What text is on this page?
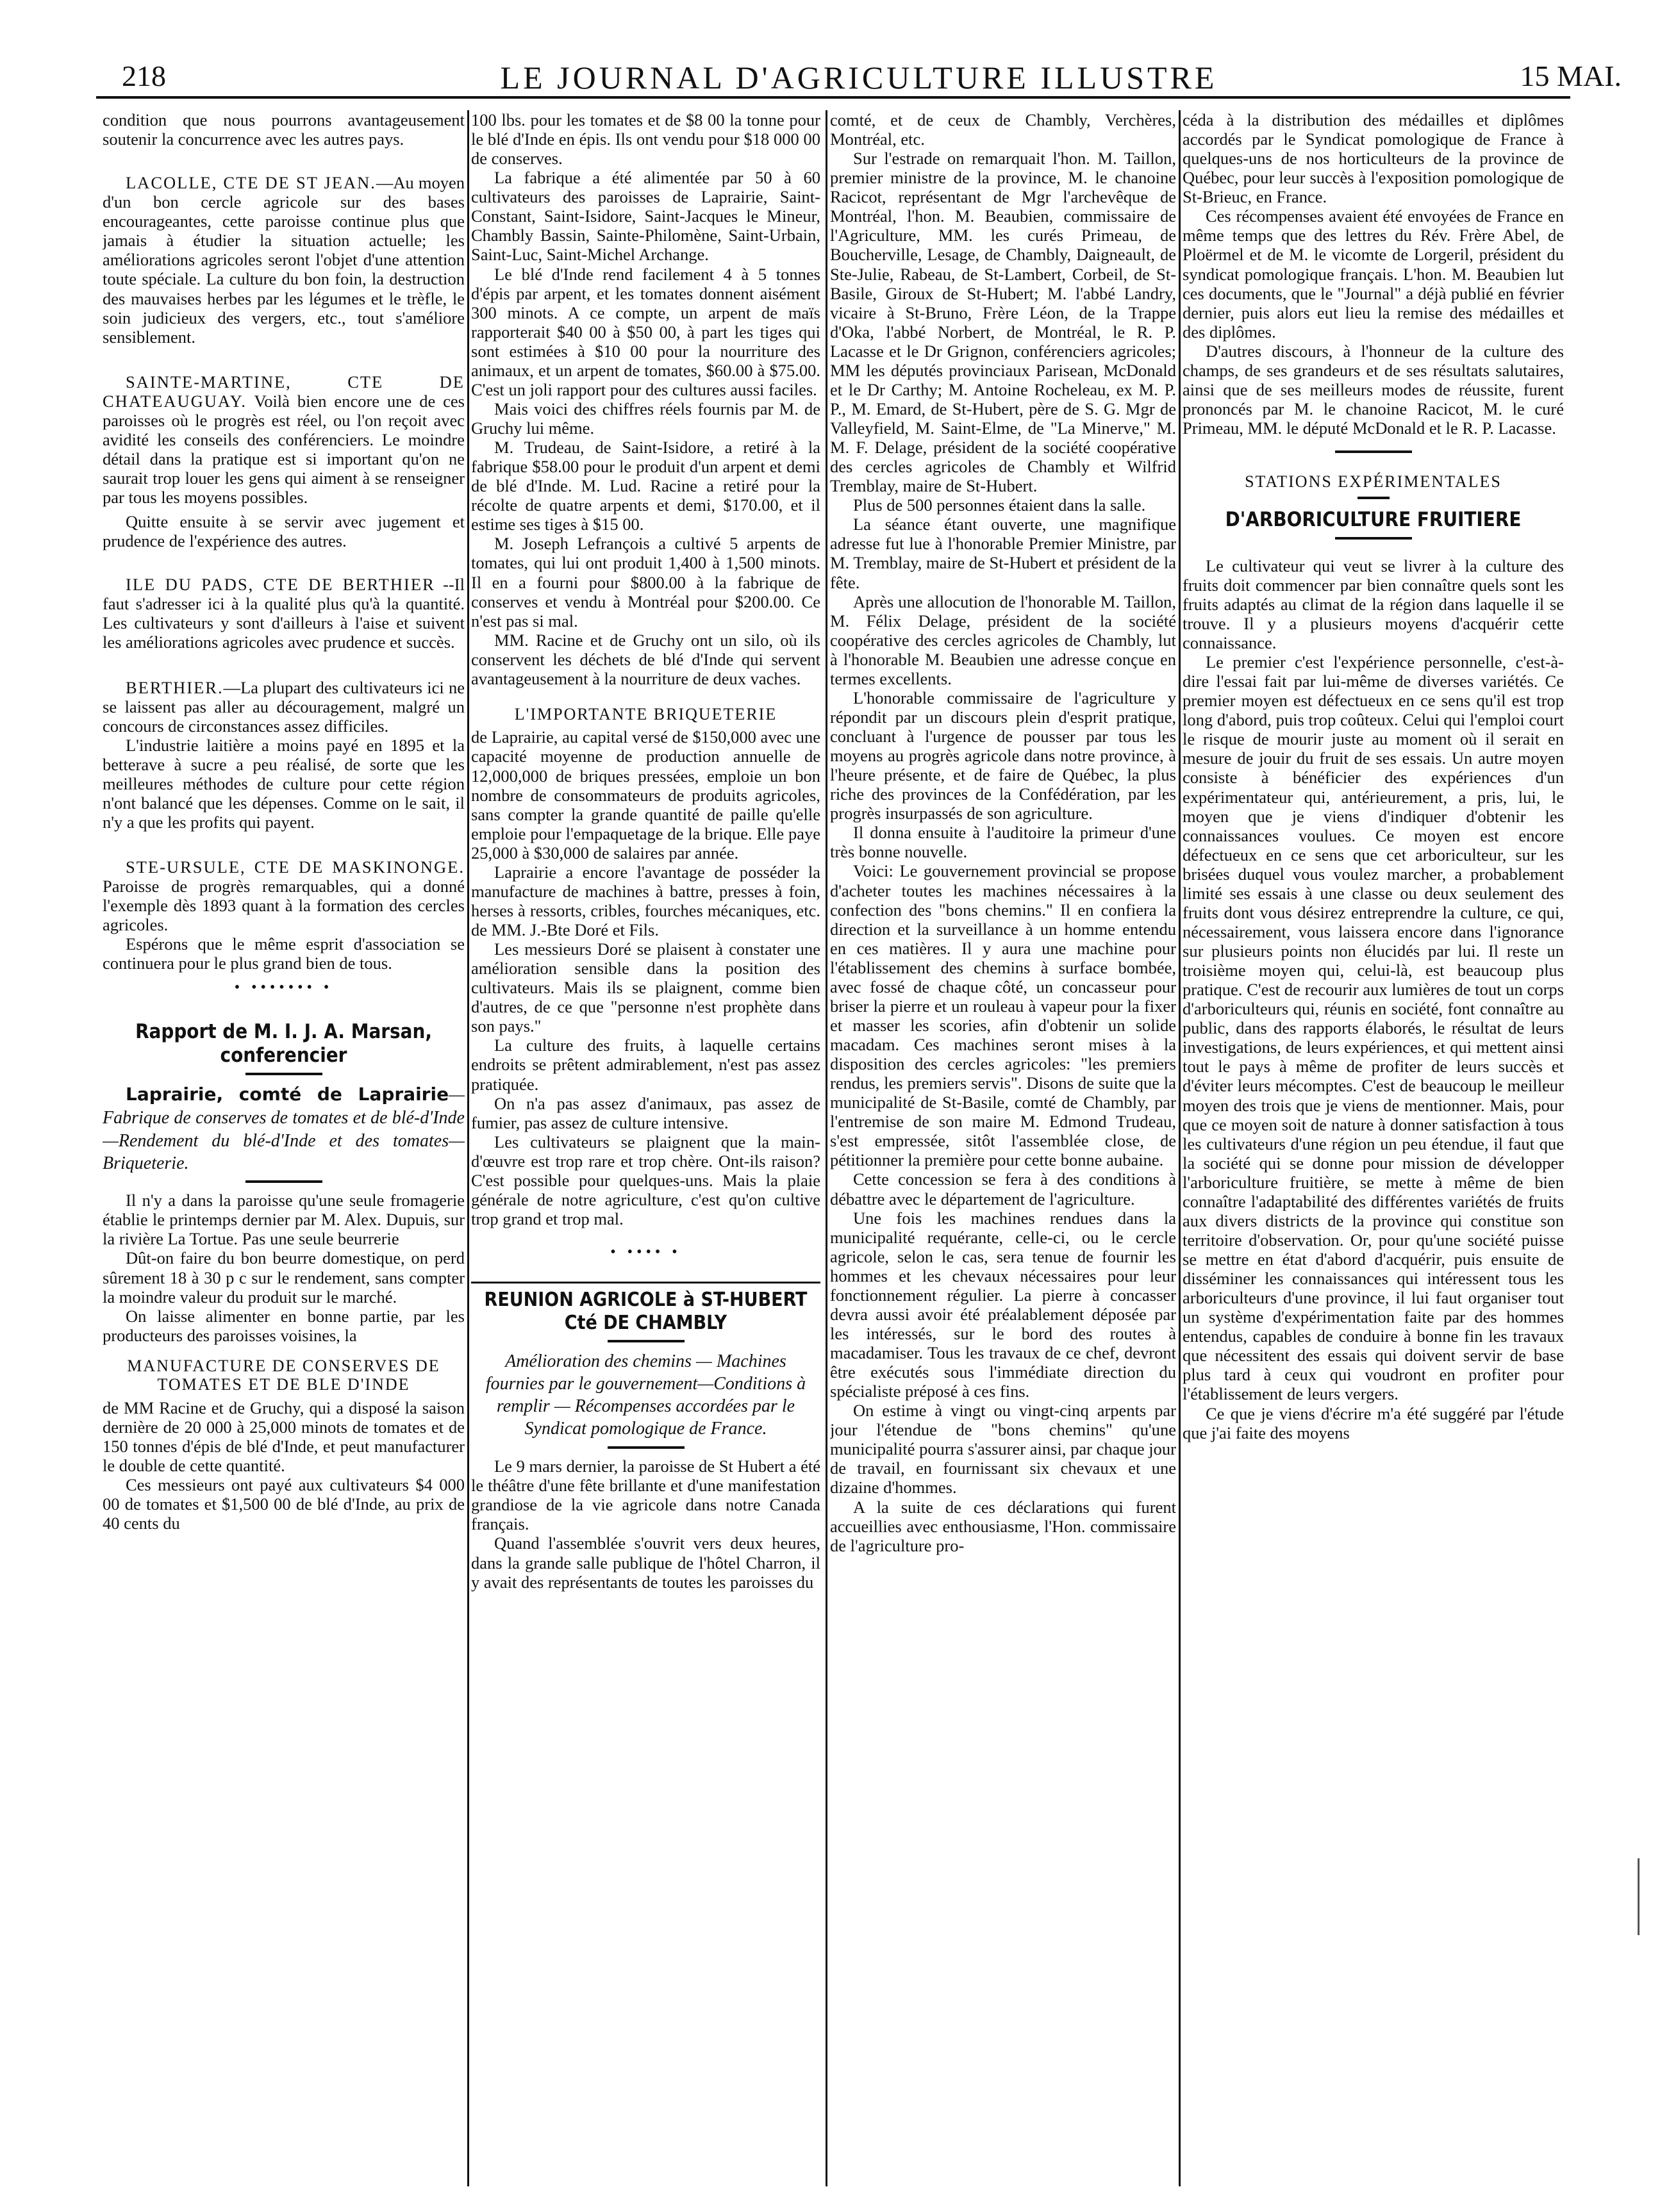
218	LE JOURNAL D'AGRICULTURE ILLUSTRE	15 MAI.

condition que nous pourrons avantageusement soutenir la concurrence avec les autres pays.

LACOLLE, CTE DE ST JEAN.—Au moyen d'un bon cercle agricole sur des bases encourageantes, cette paroisse continue plus que jamais à étudier la situation actuelle; les améliorations agricoles seront l'objet d'une attention toute spéciale. La culture du bon foin, la destruction des mauvaises herbes par les légumes et le trèfle, le soin judicieux des vergers, etc., tout s'améliore sensiblement.

SAINTE-MARTINE, CTE DE CHATEAUGUAY. Voilà bien encore une de ces paroisses où le progrès est réel, ou l'on reçoit avec avidité les conseils des conférenciers. Le moindre détail dans la pratique est si important qu'on ne saurait trop louer les gens qui aiment à se renseigner par tous les moyens possibles.

Quitte ensuite à se servir avec jugement et prudence de l'expérience des autres.

ILE DU PADS, CTE DE BERTHIER --Il faut s'adresser ici à la qualité plus qu'à la quantité. Les cultivateurs y sont d'ailleurs à l'aise et suivent les améliorations agricoles avec prudence et succès.

BERTHIER.—La plupart des cultivateurs ici ne se laissent pas aller au découragement, malgré un concours de circonstances assez difficiles.

L'industrie laitière a moins payé en 1895 et la betterave à sucre a peu réalisé, de sorte que les meilleures méthodes de culture pour cette région n'ont balancé que les dépenses. Comme on le sait, il n'y a que les profits qui payent.

STE-URSULE, CTE DE MASKINONGE. Paroisse de progrès remarquables, qui a donné l'exemple dès 1893 quant à la formation des cercles agricoles.

Espérons que le même esprit d'association se continuera pour le plus grand bien de tous.

• ••••••• •
Rapport de M. I. J. A. Marsan, conferencier

Laprairie, comté de Laprairie— Fabrique de conserves de tomates et de blé-d'Inde—Rendement du blé-d'Inde et des tomates—Briqueterie.

Il n'y a dans la paroisse qu'une seule fromagerie établie le printemps dernier par M. Alex. Dupuis, sur la rivière La Tortue. Pas une seule beurrerie

Dût-on faire du bon beurre domestique, on perd sûrement 18 à 30 p c sur le rendement, sans compter la moindre valeur du produit sur le marché.

On laisse alimenter en bonne partie, par les producteurs des paroisses voisines, la

MANUFACTURE DE CONSERVES DE TOMATES ET DE BLE D'INDE

de MM Racine et de Gruchy, qui a disposé la saison dernière de 20 000 à 25,000 minots de tomates et de 150 tonnes d'épis de blé d'Inde, et peut manufacturer le double de cette quantité.

Ces messieurs ont payé aux cultivateurs $4 000 00 de tomates et $1,500 00 de blé d'Inde, au prix de 40 cents du

100 lbs. pour les tomates et de $8 00 la tonne pour le blé d'Inde en épis. Ils ont vendu pour $18 000 00 de conserves.

La fabrique a été alimentée par 50 à 60 cultivateurs des paroisses de Laprairie, Saint-Constant, Saint-Isidore, Saint-Jacques le Mineur, Chambly Bassin, Sainte-Philomène, Saint-Urbain, Saint-Luc, Saint-Michel Archange.

Le blé d'Inde rend facilement 4 à 5 tonnes d'épis par arpent, et les tomates donnent aisément 300 minots. A ce compte, un arpent de maïs rapporterait $40 00 à $50 00, à part les tiges qui sont estimées à $10 00 pour la nourriture des animaux, et un arpent de tomates, $60.00 à $75.00. C'est un joli rapport pour des cultures aussi faciles.

Mais voici des chiffres réels fournis par M. de Gruchy lui même.

M. Trudeau, de Saint-Isidore, a retiré à la fabrique $58.00 pour le produit d'un arpent et demi de blé d'Inde. M. Lud. Racine a retiré pour la récolte de quatre arpents et demi, $170.00, et il estime ses tiges à $15 00.

M. Joseph Lefrançois a cultivé 5 arpents de tomates, qui lui ont produit 1,400 à 1,500 minots. Il en a fourni pour $800.00 à la fabrique de conserves et vendu à Montréal pour $200.00. Ce n'est pas si mal.

MM. Racine et de Gruchy ont un silo, où ils conservent les déchets de blé d'Inde qui servent avantageusement à la nourriture de deux vaches.

L'IMPORTANTE BRIQUETERIE

de Laprairie, au capital versé de $150,000 avec une capacité moyenne de production annuelle de 12,000,000 de briques pressées, emploie un bon nombre de consommateurs de produits agricoles, sans compter la grande quantité de paille qu'elle emploie pour l'empaquetage de la brique. Elle paye 25,000 à $30,000 de salaires par année.

Laprairie a encore l'avantage de posséder la manufacture de machines à battre, presses à foin, herses à ressorts, cribles, fourches mécaniques, etc. de MM. J.-Bte Doré et Fils.

Les messieurs Doré se plaisent à constater une amélioration sensible dans la position des cultivateurs. Mais ils se plaignent, comme bien d'autres, de ce que "personne n'est prophète dans son pays."

La culture des fruits, à laquelle certains endroits se prêtent admirablement, n'est pas assez pratiquée.

On n'a pas assez d'animaux, pas assez de fumier, pas assez de culture intensive.

Les cultivateurs se plaignent que la main-d'œuvre est trop rare et trop chère. Ont-ils raison? C'est possible pour quelques-uns. Mais la plaie générale de notre agriculture, c'est qu'on cultive trop grand et trop mal.

• •••• •
REUNION AGRICOLE à ST-HUBERT Cté DE CHAMBLY
Amélioration des chemins — Machines fournies par le gouvernement—Conditions à remplir — Récompenses accordées par le Syndicat pomologique de France.

Le 9 mars dernier, la paroisse de St Hubert a été le théâtre d'une fête brillante et d'une manifestation grandiose de la vie agricole dans notre Canada français.

Quand l'assemblée s'ouvrit vers deux heures, dans la grande salle publique de l'hôtel Charron, il y avait des représentants de toutes les paroisses du

comté, et de ceux de Chambly, Verchères, Montréal, etc.

Sur l'estrade on remarquait l'hon. M. Taillon, premier ministre de la province, M. le chanoine Racicot, représentant de Mgr l'archevêque de Montréal, l'hon. M. Beaubien, commissaire de l'Agriculture, MM. les curés Primeau, de Boucherville, Lesage, de Chambly, Daigneault, de Ste-Julie, Rabeau, de St-Lambert, Corbeil, de St-Basile, Giroux de St-Hubert; M. l'abbé Landry, vicaire à St-Bruno, Frère Léon, de la Trappe d'Oka, l'abbé Norbert, de Montréal, le R. P. Lacasse et le Dr Grignon, conférenciers agricoles; MM les députés provinciaux Parisean, McDonald et le Dr Carthy; M. Antoine Rocheleau, ex M. P. P., M. Emard, de St-Hubert, père de S. G. Mgr de Valleyfield, M. Saint-Elme, de "La Minerve," M. M. F. Delage, président de la société coopérative des cercles agricoles de Chambly et Wilfrid Tremblay, maire de St-Hubert.

Plus de 500 personnes étaient dans la salle.

La séance étant ouverte, une magnifique adresse fut lue à l'honorable Premier Ministre, par M. Tremblay, maire de St-Hubert et président de la fête.

Après une allocution de l'honorable M. Taillon, M. Félix Delage, président de la société coopérative des cercles agricoles de Chambly, lut à l'honorable M. Beaubien une adresse conçue en termes excellents.

L'honorable commissaire de l'agriculture y répondit par un discours plein d'esprit pratique, concluant à l'urgence de pousser par tous les moyens au progrès agricole dans notre province, à l'heure présente, et de faire de Québec, la plus riche des provinces de la Confédération, par les progrès insurpassés de son agriculture.

Il donna ensuite à l'auditoire la primeur d'une très bonne nouvelle.

Voici: Le gouvernement provincial se propose d'acheter toutes les machines nécessaires à la confection des "bons chemins." Il en confiera la direction et la surveillance à un homme entendu en ces matières. Il y aura une machine pour l'établissement des chemins à surface bombée, avec fossé de chaque côté, un concasseur pour briser la pierre et un rouleau à vapeur pour la fixer et masser les scories, afin d'obtenir un solide macadam. Ces machines seront mises à la disposition des cercles agricoles: "les premiers rendus, les premiers servis". Disons de suite que la municipalité de St-Basile, comté de Chambly, par l'entremise de son maire M. Edmond Trudeau, s'est empressée, sitôt l'assemblée close, de pétitionner la première pour cette bonne aubaine.

Cette concession se fera à des conditions à débattre avec le département de l'agriculture.

Une fois les machines rendues dans la municipalité requérante, celle-ci, ou le cercle agricole, selon le cas, sera tenue de fournir les hommes et les chevaux nécessaires pour leur fonctionnement régulier. La pierre à concasser devra aussi avoir été préalablement déposée par les intéressés, sur le bord des routes à macadamiser. Tous les travaux de ce chef, devront être exécutés sous l'immédiate direction du spécialiste préposé à ces fins.

On estime à vingt ou vingt-cinq arpents par jour l'étendue de "bons chemins" qu'une municipalité pourra s'assurer ainsi, par chaque jour de travail, en fournissant six chevaux et une dizaine d'hommes.

A la suite de ces déclarations qui furent accueillies avec enthousiasme, l'Hon. commissaire de l'agriculture pro-

céda à la distribution des médailles et diplômes accordés par le Syndicat pomologique de France à quelques-uns de nos horticulteurs de la province de Québec, pour leur succès à l'exposition pomologique de St-Brieuc, en France.

Ces récompenses avaient été envoyées de France en même temps que des lettres du Rév. Frère Abel, de Ploërmel et de M. le vicomte de Lorgeril, président du syndicat pomologique français. L'hon. M. Beaubien lut ces documents, que le "Journal" a déjà publié en février dernier, puis alors eut lieu la remise des médailles et des diplômes.

D'autres discours, à l'honneur de la culture des champs, de ses grandeurs et de ses résultats salutaires, ainsi que de ses meilleurs modes de réussite, furent prononcés par M. le chanoine Racicot, M. le curé Primeau, MM. le député McDonald et le R. P. Lacasse.

STATIONS EXPÉRIMENTALES
D'ARBORICULTURE FRUITIERE

Le cultivateur qui veut se livrer à la culture des fruits doit commencer par bien connaître quels sont les fruits adaptés au climat de la région dans laquelle il se trouve. Il y a plusieurs moyens d'acquérir cette connaissance.

Le premier c'est l'expérience personnelle, c'est-à-dire l'essai fait par lui-même de diverses variétés. Ce premier moyen est défectueux en ce sens qu'il est trop long d'abord, puis trop coûteux. Celui qui l'emploi court le risque de mourir juste au moment où il serait en mesure de jouir du fruit de ses essais. Un autre moyen consiste à bénéficier des expériences d'un expérimentateur qui, antérieurement, a pris, lui, le moyen que je viens d'indiquer d'obtenir les connaissances voulues. Ce moyen est encore défectueux en ce sens que cet arboriculteur, sur les brisées duquel vous voulez marcher, a probablement limité ses essais à une classe ou deux seulement des fruits dont vous désirez entreprendre la culture, ce qui, nécessairement, vous laissera encore dans l'ignorance sur plusieurs points non élucidés par lui. Il reste un troisième moyen qui, celui-là, est beaucoup plus pratique. C'est de recourir aux lumières de tout un corps d'arboriculteurs qui, réunis en société, font connaître au public, dans des rapports élaborés, le résultat de leurs investigations, de leurs expériences, et qui mettent ainsi tout le pays à même de profiter de leurs succès et d'éviter leurs mécomptes. C'est de beaucoup le meilleur moyen des trois que je viens de mentionner. Mais, pour que ce moyen soit de nature à donner satisfaction à tous les cultivateurs d'une région un peu étendue, il faut que la société qui se donne pour mission de développer l'arboriculture fruitière, se mette à même de bien connaître l'adaptabilité des différentes variétés de fruits aux divers districts de la province qui constitue son territoire d'observation. Or, pour qu'une société puisse se mettre en état d'abord d'acquérir, puis ensuite de disséminer les connaissances qui intéressent tous les arboriculteurs d'une province, il lui faut organiser tout un système d'expérimentation faite par des hommes entendus, capables de conduire à bonne fin les travaux que nécessitent des essais qui doivent servir de base plus tard à ceux qui voudront en profiter pour l'établissement de leurs vergers.

Ce que je viens d'écrire m'a été suggéré par l'étude que j'ai faite des moyens
